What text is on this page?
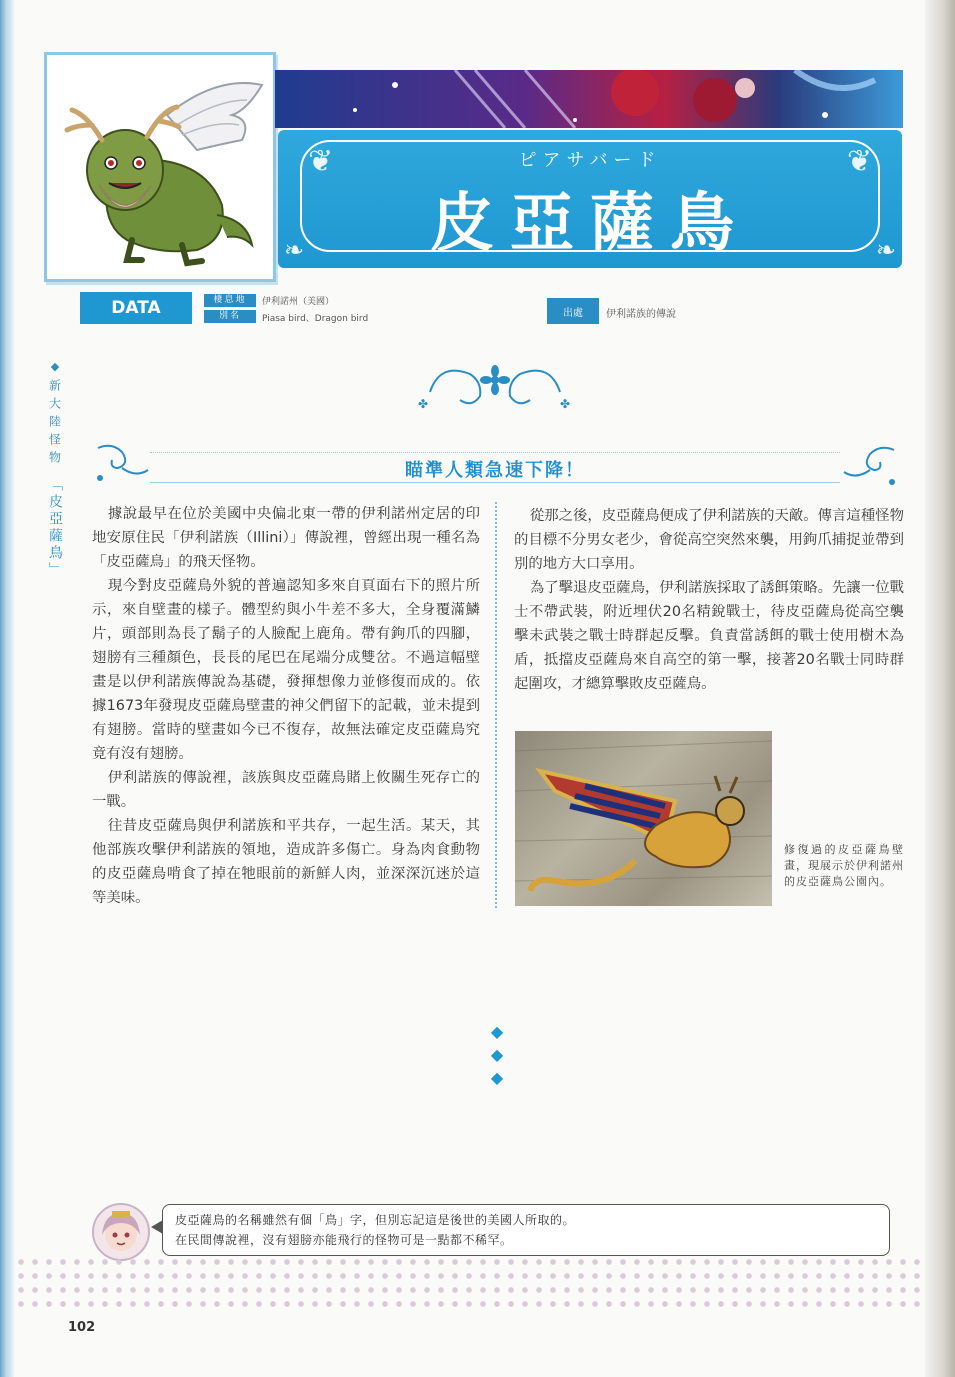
◆
新大陸怪物
「皮亞薩鳥」
❦	❦
❧	❧
ピアサバード
皮亞薩鳥
DATA	棲息地	伊利諾州（美國）
別名	Piasa bird、Dragon bird
出處	伊利諾族的傳說
✤	✤
瞄準人類急速下降！

據說最早在位於美國中央偏北東一帶的伊利諾州定居的印地安原住民「伊利諾族（Illini）」傳說裡，曾經出現一種名為「皮亞薩鳥」的飛天怪物。

現今對皮亞薩鳥外貌的普遍認知多來自頁面右下的照片所示，來自壁畫的樣子。體型約與小牛差不多大，全身覆滿鱗片，頭部則為長了鬍子的人臉配上鹿角。帶有鉤爪的四腳，翅膀有三種顏色，長長的尾巴在尾端分成雙岔。不過這幅壁畫是以伊利諾族傳說為基礎，發揮想像力並修復而成的。依據1673年發現皮亞薩鳥壁畫的神父們留下的記載，並未提到有翅膀。當時的壁畫如今已不復存，故無法確定皮亞薩鳥究竟有沒有翅膀。

伊利諾族的傳說裡，該族與皮亞薩鳥賭上攸關生死存亡的一戰。

往昔皮亞薩鳥與伊利諾族和平共存，一起生活。某天，其他部族攻擊伊利諾族的領地，造成許多傷亡。身為肉食動物的皮亞薩鳥啃食了掉在牠眼前的新鮮人肉，並深深沉迷於這等美味。

從那之後，皮亞薩鳥便成了伊利諾族的天敵。傳言這種怪物的目標不分男女老少，會從高空突然來襲，用鉤爪捕捉並帶到別的地方大口享用。

為了擊退皮亞薩鳥，伊利諾族採取了誘餌策略。先讓一位戰士不帶武裝，附近埋伏20名精銳戰士，待皮亞薩鳥從高空襲擊未武裝之戰士時群起反擊。負責當誘餌的戰士使用樹木為盾，抵擋皮亞薩鳥來自高空的第一擊，接著20名戰士同時群起圍攻，才總算擊敗皮亞薩鳥。

修復過的皮亞薩鳥壁畫，現展示於伊利諾州的皮亞薩鳥公園內。
◆
◆
◆
皮亞薩鳥的名稱雖然有個「鳥」字，但別忘記這是後世的美國人所取的。
在民間傳說裡，沒有翅膀亦能飛行的怪物可是一點都不稀罕。
102
